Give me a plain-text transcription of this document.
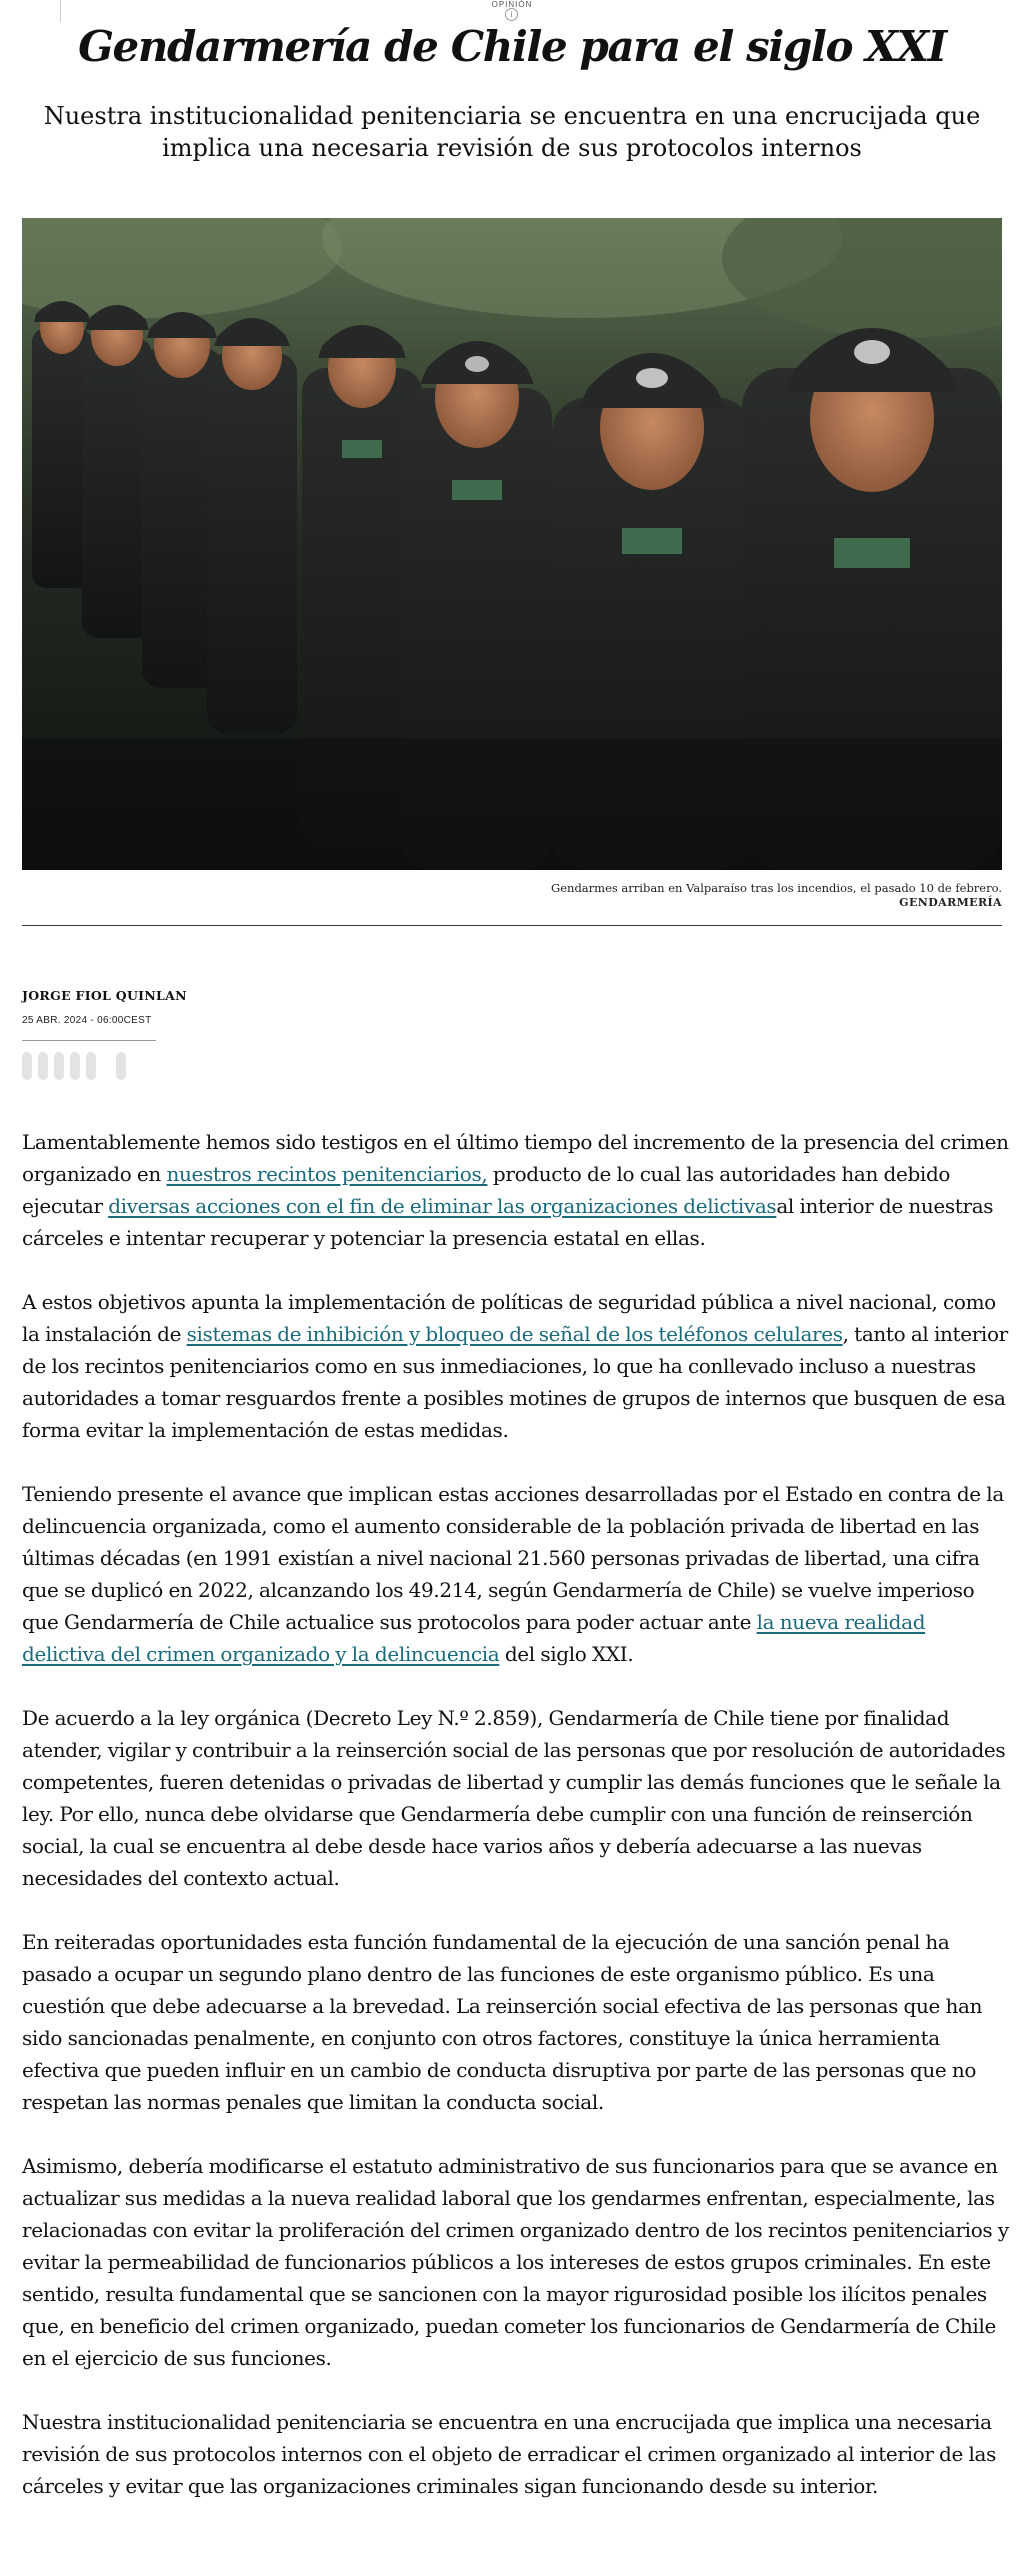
OPINIÓN
i
Gendarmería de Chile para el siglo XXI
Nuestra institucionalidad penitenciaria se encuentra en una encrucijada que implica una necesaria revisión de sus protocolos internos
Gendarmes arriban en Valparaíso tras los incendios, el pasado 10 de febrero.
GENDARMERÍA
JORGE FIOL QUINLAN
25 ABR. 2024 - 06:00CEST

Lamentablemente hemos sido testigos en el último tiempo del incremento de la presencia del crimen organizado en nuestros recintos penitenciarios, producto de lo cual las autoridades han debido ejecutar diversas acciones con el fin de eliminar las organizaciones delictivasal interior de nuestras cárceles e intentar recuperar y potenciar la presencia estatal en ellas.

A estos objetivos apunta la implementación de políticas de seguridad pública a nivel nacional, como la instalación de sistemas de inhibición y bloqueo de señal de los teléfonos celulares, tanto al interior de los recintos penitenciarios como en sus inmediaciones, lo que ha conllevado incluso a nuestras autoridades a tomar resguardos frente a posibles motines de grupos de internos que busquen de esa forma evitar la implementación de estas medidas.

Teniendo presente el avance que implican estas acciones desarrolladas por el Estado en contra de la delincuencia organizada, como el aumento considerable de la población privada de libertad en las últimas décadas (en 1991 existían a nivel nacional 21.560 personas privadas de libertad, una cifra que se duplicó en 2022, alcanzando los 49.214, según Gendarmería de Chile) se vuelve imperioso que Gendarmería de Chile actualice sus protocolos para poder actuar ante la nueva realidad delictiva del crimen organizado y la delincuencia del siglo XXI.

De acuerdo a la ley orgánica (Decreto Ley N.º 2.859), Gendarmería de Chile tiene por finalidad atender, vigilar y contribuir a la reinserción social de las personas que por resolución de autoridades competentes, fueren detenidas o privadas de libertad y cumplir las demás funciones que le señale la ley. Por ello, nunca debe olvidarse que Gendarmería debe cumplir con una función de reinserción social, la cual se encuentra al debe desde hace varios años y debería adecuarse a las nuevas necesidades del contexto actual.

En reiteradas oportunidades esta función fundamental de la ejecución de una sanción penal ha pasado a ocupar un segundo plano dentro de las funciones de este organismo público. Es una cuestión que debe adecuarse a la brevedad. La reinserción social efectiva de las personas que han sido sancionadas penalmente, en conjunto con otros factores, constituye la única herramienta efectiva que pueden influir en un cambio de conducta disruptiva por parte de las personas que no respetan las normas penales que limitan la conducta social.

Asimismo, debería modificarse el estatuto administrativo de sus funcionarios para que se avance en actualizar sus medidas a la nueva realidad laboral que los gendarmes enfrentan, especialmente, las relacionadas con evitar la proliferación del crimen organizado dentro de los recintos penitenciarios y evitar la permeabilidad de funcionarios públicos a los intereses de estos grupos criminales. En este sentido, resulta fundamental que se sancionen con la mayor rigurosidad posible los ilícitos penales que, en beneficio del crimen organizado, puedan cometer los funcionarios de Gendarmería de Chile en el ejercicio de sus funciones.

Nuestra institucionalidad penitenciaria se encuentra en una encrucijada que implica una necesaria revisión de sus protocolos internos con el objeto de erradicar el crimen organizado al interior de las cárceles y evitar que las organizaciones criminales sigan funcionando desde su interior.
